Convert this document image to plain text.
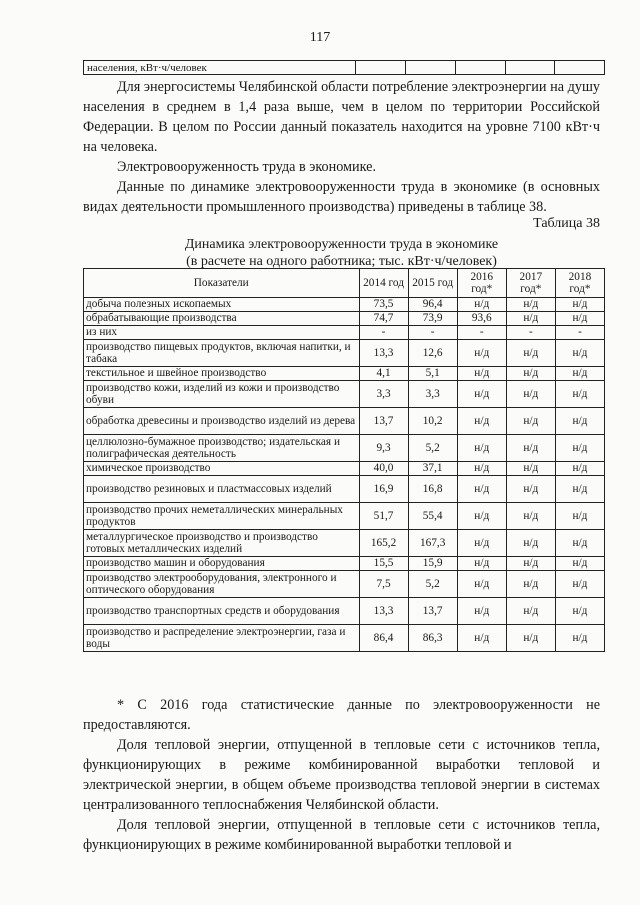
117
населения, кВт·ч/человек					

Для энергосистемы Челябинской области потребление электроэнергии на душу населения в среднем в 1,4 раза выше, чем в целом по территории Российской Федерации. В целом по России данный показатель находится на уровне 7100 кВт·ч на человека.

Электровооруженность труда в экономике.

Данные по динамике электровооруженности труда в экономике (в основных видах деятельности промышленного производства) приведены в таблице 38.

Таблица 38
Динамика электровооруженности труда в экономике
(в расчете на одного работника; тыс. кВт·ч/человек)
Показатели	2014 год	2015 год	2016 год*	2017 год*	2018 год*
добыча полезных ископаемых	73,5	96,4	н/д	н/д	н/д
обрабатывающие производства	74,7	73,9	93,6	н/д	н/д
из них	-	-	-	-	-
производство пищевых продуктов, включая напитки, и табака	13,3	12,6	н/д	н/д	н/д
текстильное и швейное производство	4,1	5,1	н/д	н/д	н/д
производство кожи, изделий из кожи и производство обуви	3,3	3,3	н/д	н/д	н/д
обработка древесины и производство изделий из дерева	13,7	10,2	н/д	н/д	н/д
целлюлозно-бумажное производство; издательская и полиграфическая деятельность	9,3	5,2	н/д	н/д	н/д
химическое производство	40,0	37,1	н/д	н/д	н/д
производство резиновых и пластмассовых изделий	16,9	16,8	н/д	н/д	н/д
производство прочих неметаллических минеральных продуктов	51,7	55,4	н/д	н/д	н/д
металлургическое производство и производство готовых металлических изделий	165,2	167,3	н/д	н/д	н/д
производство машин и оборудования	15,5	15,9	н/д	н/д	н/д
производство электрооборудования, электронного и оптического оборудования	7,5	5,2	н/д	н/д	н/д
производство транспортных средств и оборудования	13,3	13,7	н/д	н/д	н/д
производство и распределение электроэнергии, газа и воды	86,4	86,3	н/д	н/д	н/д

* С 2016 года статистические данные по электровооруженности не предоставляются.

Доля тепловой энергии, отпущенной в тепловые сети с источников тепла, функционирующих в режиме комбинированной выработки тепловой и электрической энергии, в общем объеме производства тепловой энергии в системах централизованного теплоснабжения Челябинской области.

Доля тепловой энергии, отпущенной в тепловые сети с источников тепла, функционирующих в режиме комбинированной выработки тепловой и
